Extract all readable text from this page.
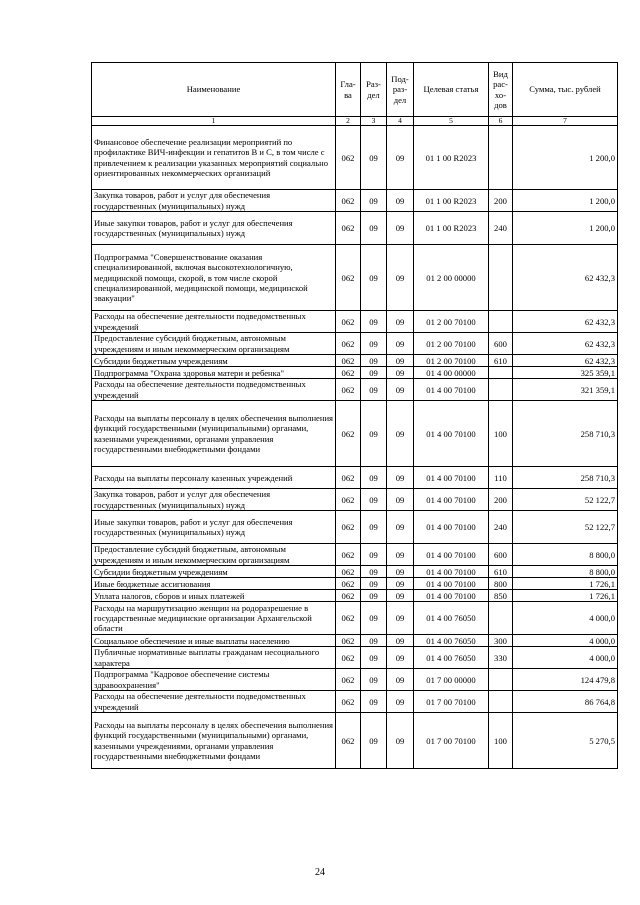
Наименование	Гла-ва	Раз-дел	Под-раз-дел	Целевая статья	Вид рас-хо-дов	Сумма, тыс. рублей
1	2	3	4	5	6	7
Финансовое обеспечение реализации мероприятий по профилактике ВИЧ-инфекции и гепатитов B и C, в том числе с привлечением к реализации указанных мероприятий социально ориентированных некоммерческих организаций	062	09	09	01 1 00 R2023		1 200,0
Закупка товаров, работ и услуг для обеспечения государственных (муниципальных) нужд	062	09	09	01 1 00 R2023	200	1 200,0
Иные закупки товаров, работ и услуг для обеспечения государственных (муниципальных) нужд	062	09	09	01 1 00 R2023	240	1 200,0
Подпрограмма "Совершенствование оказания специализированной, включая высокотехнологичную, медицинской помощи, скорой, в том числе скорой специализированной, медицинской помощи, медицинской эвакуации"	062	09	09	01 2 00 00000		62 432,3
Расходы на обеспечение деятельности подведомственных учреждений	062	09	09	01 2 00 70100		62 432,3
Предоставление субсидий бюджетным, автономным учреждениям и иным некоммерческим организациям	062	09	09	01 2 00 70100	600	62 432,3
Субсидии бюджетным учреждениям	062	09	09	01 2 00 70100	610	62 432,3
Подпрограмма "Охрана здоровья матери и ребенка"	062	09	09	01 4 00 00000		325 359,1
Расходы на обеспечение деятельности подведомственных учреждений	062	09	09	01 4 00 70100		321 359,1
Расходы на выплаты персоналу в целях обеспечения выполнения функций государственными (муниципальными) органами, казенными учреждениями, органами управления государственными внебюджетными фондами	062	09	09	01 4 00 70100	100	258 710,3
Расходы на выплаты персоналу казенных учреждений	062	09	09	01 4 00 70100	110	258 710,3
Закупка товаров, работ и услуг для обеспечения государственных (муниципальных) нужд	062	09	09	01 4 00 70100	200	52 122,7
Иные закупки товаров, работ и услуг для обеспечения государственных (муниципальных) нужд	062	09	09	01 4 00 70100	240	52 122,7
Предоставление субсидий бюджетным, автономным учреждениям и иным некоммерческим организациям	062	09	09	01 4 00 70100	600	8 800,0
Субсидии бюджетным учреждениям	062	09	09	01 4 00 70100	610	8 800,0
Иные бюджетные ассигнования	062	09	09	01 4 00 70100	800	1 726,1
Уплата налогов, сборов и иных платежей	062	09	09	01 4 00 70100	850	1 726,1
Расходы на маршрутизацию женщин на родоразрешение в государственные медицинские организации Архангельской области	062	09	09	01 4 00 76050		4 000,0
Социальное обеспечение и иные выплаты населению	062	09	09	01 4 00 76050	300	4 000,0
Публичные нормативные выплаты гражданам несоциального характера	062	09	09	01 4 00 76050	330	4 000,0
Подпрограмма "Кадровое обеспечение системы здравоохранения"	062	09	09	01 7 00 00000		124 479,8
Расходы на обеспечение деятельности подведомственных учреждений	062	09	09	01 7 00 70100		86 764,8
Расходы на выплаты персоналу в целях обеспечения выполнения функций государственными (муниципальными) органами, казенными учреждениями, органами управления государственными внебюджетными фондами	062	09	09	01 7 00 70100	100	5 270,5
24
